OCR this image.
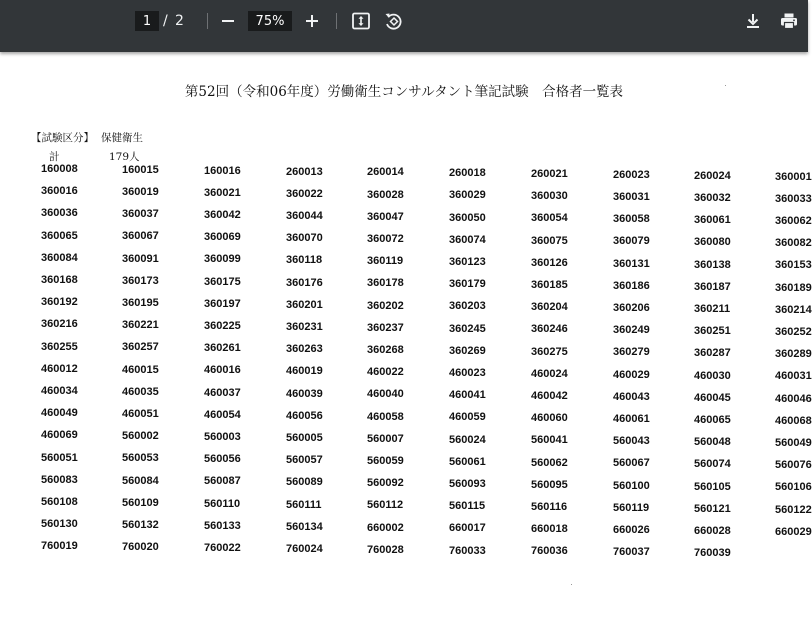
1 / 2	75%
第52回（令和06年度）労働衛生コンサルタント筆記試験　合格者一覧表
【試験区分】 保健衛生
計	179人
160008	160015	160016	260013	260014	260018	260021	260023	260024	360001
360016	360019	360021	360022	360028	360029	360030	360031	360032	360033
360036	360037	360042	360044	360047	360050	360054	360058	360061	360062
360065	360067	360069	360070	360072	360074	360075	360079	360080	360082
360084	360091	360099	360118	360119	360123	360126	360131	360138	360153
360168	360173	360175	360176	360178	360179	360185	360186	360187	360189
360192	360195	360197	360201	360202	360203	360204	360206	360211	360214
360216	360221	360225	360231	360237	360245	360246	360249	360251	360252
360255	360257	360261	360263	360268	360269	360275	360279	360287	360289
460012	460015	460016	460019	460022	460023	460024	460029	460030	460031
460034	460035	460037	460039	460040	460041	460042	460043	460045	460046
460049	460051	460054	460056	460058	460059	460060	460061	460065	460068
460069	560002	560003	560005	560007	560024	560041	560043	560048	560049
560051	560053	560056	560057	560059	560061	560062	560067	560074	560076
560083	560084	560087	560089	560092	560093	560095	560100	560105	560106
560108	560109	560110	560111	560112	560115	560116	560119	560121	560122
560130	560132	560133	560134	660002	660017	660018	660026	660028	660029
760019	760020	760022	760024	760028	760033	760036	760037	760039
